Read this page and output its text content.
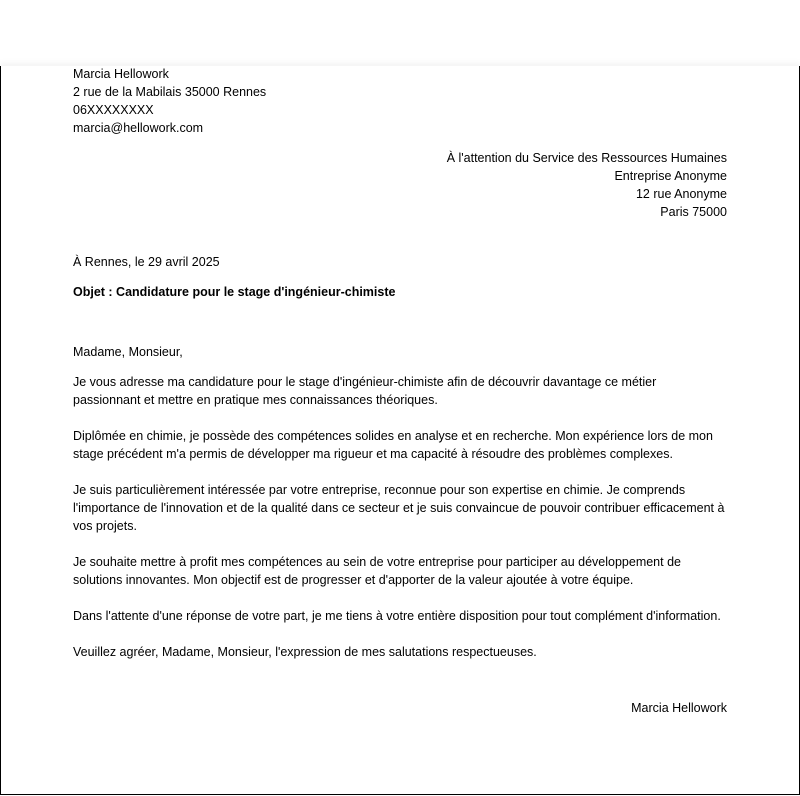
Marcia Hellowork
2 rue de la Mabilais 35000 Rennes
06XXXXXXXX
marcia@hellowork.com
À l'attention du Service des Ressources Humaines
Entreprise Anonyme
12 rue Anonyme
Paris 75000
À Rennes, le 29 avril 2025
Objet : Candidature pour le stage d'ingénieur-chimiste
Madame, Monsieur,
Je vous adresse ma candidature pour le stage d'ingénieur-chimiste afin de découvrir davantage ce métier passionnant et mettre en pratique mes connaissances théoriques.
Diplômée en chimie, je possède des compétences solides en analyse et en recherche. Mon expérience lors de mon stage précédent m'a permis de développer ma rigueur et ma capacité à résoudre des problèmes complexes.
Je suis particulièrement intéressée par votre entreprise, reconnue pour son expertise en chimie. Je comprends l'importance de l'innovation et de la qualité dans ce secteur et je suis convaincue de pouvoir contribuer efficacement à vos projets.
Je souhaite mettre à profit mes compétences au sein de votre entreprise pour participer au développement de solutions innovantes. Mon objectif est de progresser et d'apporter de la valeur ajoutée à votre équipe.
Dans l'attente d'une réponse de votre part, je me tiens à votre entière disposition pour tout complément d'information.
Veuillez agréer, Madame, Monsieur, l'expression de mes salutations respectueuses.
Marcia Hellowork
